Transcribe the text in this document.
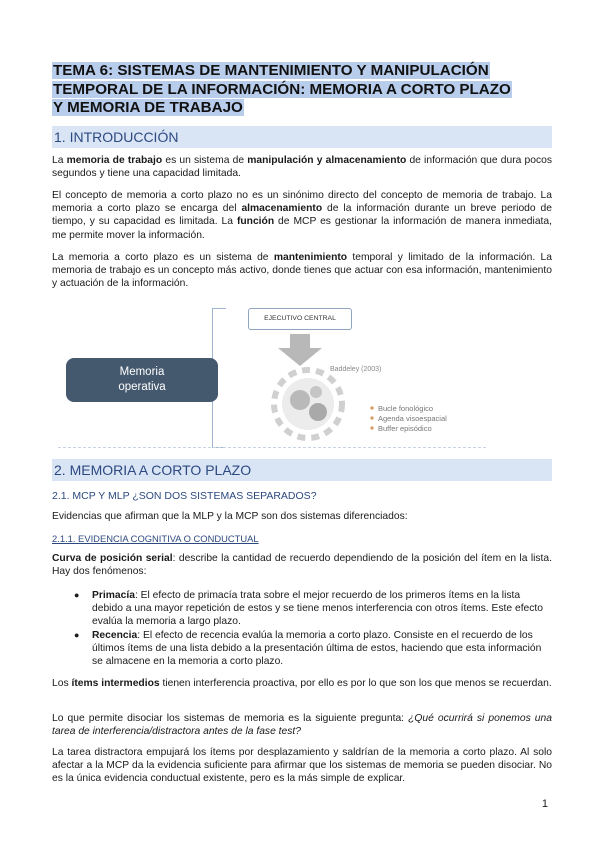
TEMA 6: SISTEMAS DE MANTENIMIENTO Y MANIPULACIÓN
TEMPORAL DE LA INFORMACIÓN: MEMORIA A CORTO PLAZO
Y MEMORIA DE TRABAJO
1. INTRODUCCIÓN
La memoria de trabajo es un sistema de manipulación y almacenamiento de información que dura pocos segundos y tiene una capacidad limitada.
El concepto de memoria a corto plazo no es un sinónimo directo del concepto de memoria de trabajo. La memoria a corto plazo se encarga del almacenamiento de la información durante un breve periodo de tiempo, y su capacidad es limitada. La función de MCP es gestionar la información de manera inmediata, me permite mover la información.
La memoria a corto plazo es un sistema de mantenimiento temporal y limitado de la información. La memoria de trabajo es un concepto más activo, donde tienes que actuar con esa información, mantenimiento y actuación de la información.
Memoria
operativa
EJECUTIVO CENTRAL
Baddeley (2003)
Bucle fonológico
Agenda visoespacial
Buffer episódico
2. MEMORIA A CORTO PLAZO
2.1. MCP Y MLP ¿SON DOS SISTEMAS SEPARADOS?
Evidencias que afirman que la MLP y la MCP son dos sistemas diferenciados:
2.1.1. EVIDENCIA COGNITIVA O CONDUCTUAL
Curva de posición serial: describe la cantidad de recuerdo dependiendo de la posición del ítem en la lista. Hay dos fenómenos:
● Primacía: El efecto de primacía trata sobre el mejor recuerdo de los primeros ítems en la lista debido a una mayor repetición de estos y se tiene menos interferencia con otros ítems. Este efecto evalúa la memoria a largo plazo.
● Recencia: El efecto de recencia evalúa la memoria a corto plazo. Consiste en el recuerdo de los últimos ítems de una lista debido a la presentación última de estos, haciendo que esta información se almacene en la memoria a corto plazo.
Los ítems intermedios tienen interferencia proactiva, por ello es por lo que son los que menos se recuerdan.
Lo que permite disociar los sistemas de memoria es la siguiente pregunta: ¿Qué ocurrirá si ponemos una tarea de interferencia/distractora antes de la fase test?
La tarea distractora empujará los ítems por desplazamiento y saldrían de la memoria a corto plazo. Al solo afectar a la MCP da la evidencia suficiente para afirmar que los sistemas de memoria se pueden disociar. No es la única evidencia conductual existente, pero es la más simple de explicar.
1
